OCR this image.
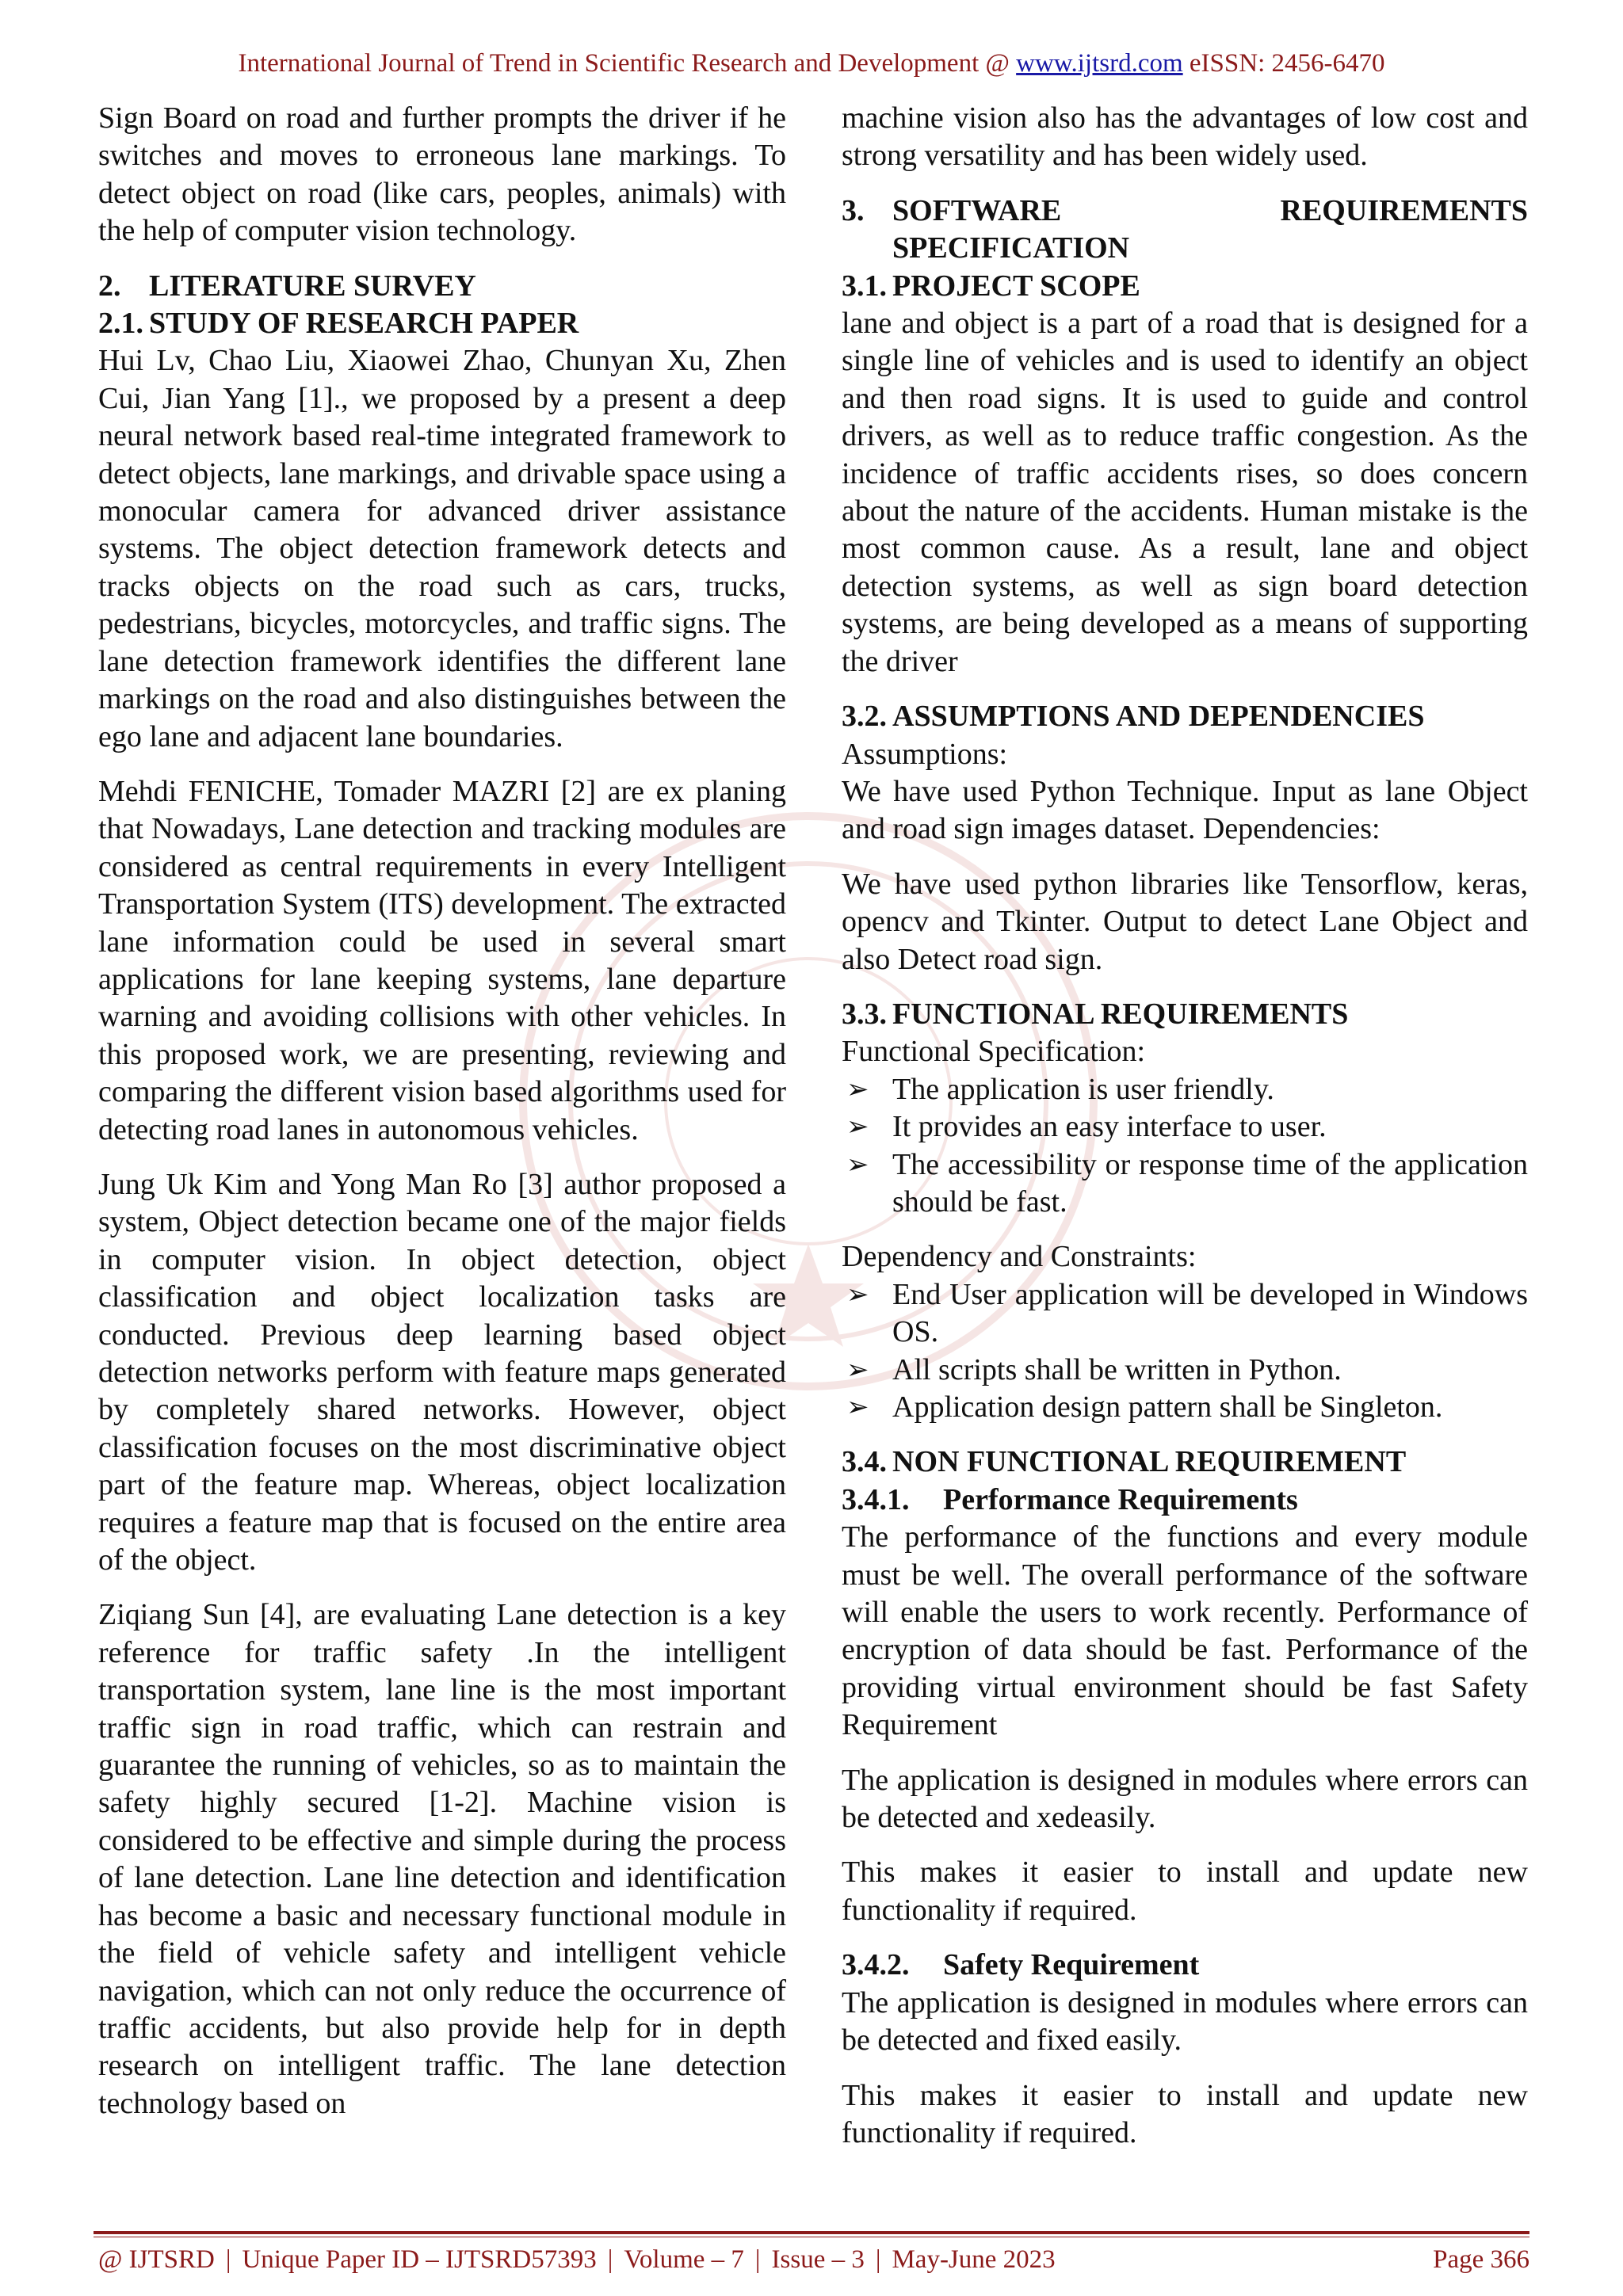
International Journal of Trend in Scientific Research and Development @ www.ijtsrd.com eISSN: 2456-6470

Sign Board on road and further prompts the driver if he switches and moves to erroneous lane markings. To detect object on road (like cars, peoples, animals) with the help of computer vision technology.

2. LITERATURE SURVEY
2.1. STUDY OF RESEARCH PAPER

Hui Lv, Chao Liu, Xiaowei Zhao, Chunyan Xu, Zhen Cui, Jian Yang [1]., we proposed by a present a deep neural network based real-time integrated framework to detect objects, lane markings, and drivable space using a monocular camera for advanced driver assistance systems. The object detection framework detects and tracks objects on the road such as cars, trucks, pedestrians, bicycles, motorcycles, and traffic signs. The lane detection framework identifies the different lane markings on the road and also distinguishes between the ego lane and adjacent lane boundaries.

Mehdi FENICHE, Tomader MAZRI [2] are ex planing that Nowadays, Lane detection and tracking modules are considered as central requirements in every Intelligent Transportation System (ITS) development. The extracted lane information could be used in several smart applications for lane keeping systems, lane departure warning and avoiding collisions with other vehicles. In this proposed work, we are presenting, reviewing and comparing the different vision based algorithms used for detecting road lanes in autonomous vehicles.

Jung Uk Kim and Yong Man Ro [3] author proposed a system, Object detection became one of the major fields in computer vision. In object detection, object classification and object localization tasks are conducted. Previous deep learning based object detection networks perform with feature maps generated by completely shared networks. However, object classification focuses on the most discriminative object part of the feature map. Whereas, object localization requires a feature map that is focused on the entire area of the object.

Ziqiang Sun [4], are evaluating Lane detection is a key reference for traffic safety .In the intelligent transportation system, lane line is the most important traffic sign in road traffic, which can restrain and guarantee the running of vehicles, so as to maintain the safety highly secured [1-2]. Machine vision is considered to be effective and simple during the process of lane detection. Lane line detection and identification has become a basic and necessary functional module in the field of vehicle safety and intelligent vehicle navigation, which can not only reduce the occurrence of traffic accidents, but also provide help for in depth research on intelligent traffic. The lane detection technology based on

machine vision also has the advantages of low cost and strong versatility and has been widely used.

3. SOFTWARE	REQUIREMENTS
SPECIFICATION
3.1. PROJECT SCOPE

lane and object is a part of a road that is designed for a single line of vehicles and is used to identify an object and then road signs. It is used to guide and control drivers, as well as to reduce traffic congestion. As the incidence of traffic accidents rises, so does concern about the nature of the accidents. Human mistake is the most common cause. As a result, lane and object detection systems, as well as sign board detection systems, are being developed as a means of supporting the driver

3.2. ASSUMPTIONS AND DEPENDENCIES

Assumptions:

We have used Python Technique. Input as lane Object and road sign images dataset. Dependencies:

We have used python libraries like Tensorflow, keras, opencv and Tkinter. Output to detect Lane Object and also Detect road sign.

3.3. FUNCTIONAL REQUIREMENTS

Functional Specification:

➢ The application is user friendly.
➢ It provides an easy interface to user.
➢ The accessibility or response time of the application should be fast.

Dependency and Constraints:

➢ End User application will be developed in Windows OS.
➢ All scripts shall be written in Python.
➢ Application design pattern shall be Singleton.
3.4. NON FUNCTIONAL REQUIREMENT
3.4.1. Performance Requirements

The performance of the functions and every module must be well. The overall performance of the software will enable the users to work recently. Performance of encryption of data should be fast. Performance of the providing virtual environment should be fast Safety Requirement

The application is designed in modules where errors can be detected and xedeasily.

This makes it easier to install and update new functionality if required.

3.4.2. Safety Requirement

The application is designed in modules where errors can be detected and fixed easily.

This makes it easier to install and update new functionality if required.

@ IJTSRD | Unique Paper ID – IJTSRD57393 | Volume – 7 | Issue – 3 | May-June 2023	Page 366
